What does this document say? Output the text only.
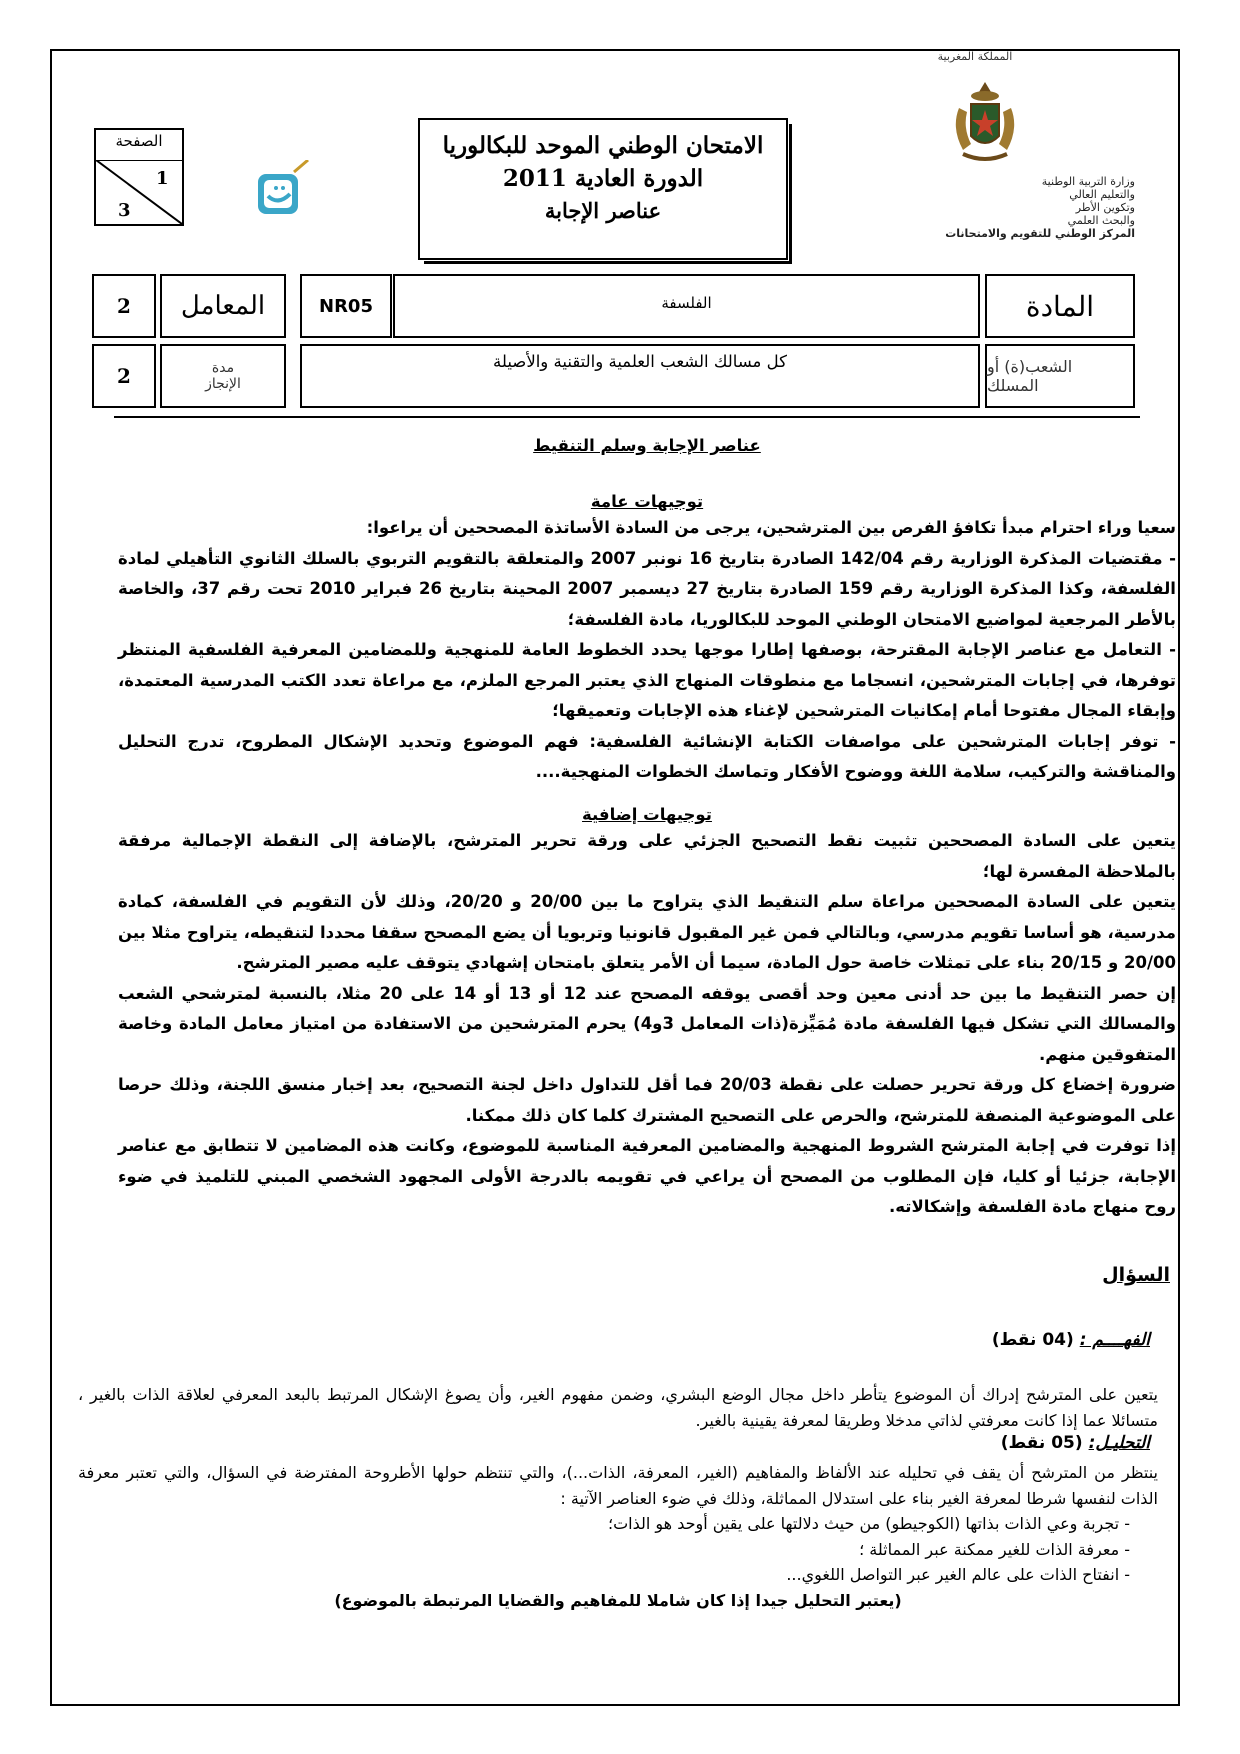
المملكة المغربية
وزارة التربية الوطنية
والتعليم العالي
وتكوين الأطر
والبحث العلمي
المركز الوطني للتقويم والامتحانات
الامتحان الوطني الموحد للبكالوريا
الدورة العادية 2011
عناصر الإجابة
الصفحة
1
3
المادة
الفلسفة
NR05
المعامل
2
الشعب(ة) أو
المسلك
كل مسالك الشعب العلمية والتقنية والأصيلة
مدة
الإنجاز
2
عناصر الإجابة وسلم التنقيط
توجيهات عامة

سعيا وراء احترام مبدأ تكافؤ الفرص بين المترشحين، يرجى من السادة الأساتذة المصححين أن يراعوا:

- مقتضيات المذكرة الوزارية رقم 142/04 الصادرة بتاريخ 16 نونبر 2007 والمتعلقة بالتقويم التربوي بالسلك الثانوي التأهيلي لمادة الفلسفة، وكذا المذكرة الوزارية رقم 159 الصادرة بتاريخ 27 ديسمبر 2007 المحينة بتاريخ 26 فبراير 2010 تحت رقم 37، والخاصة بالأطر المرجعية لمواضيع الامتحان الوطني الموحد للبكالوريا، مادة الفلسفة؛

- التعامل مع عناصر الإجابة المقترحة، بوصفها إطارا موجها يحدد الخطوط العامة للمنهجية وللمضامين المعرفية الفلسفية المنتظر توفرها، في إجابات المترشحين، انسجاما مع منطوقات المنهاج الذي يعتبر المرجع الملزم، مع مراعاة تعدد الكتب المدرسية المعتمدة، وإبقاء المجال مفتوحا أمام إمكانيات المترشحين لإغناء هذه الإجابات وتعميقها؛

- توفر إجابات المترشحين على مواصفات الكتابة الإنشائية الفلسفية: فهم الموضوع وتحديد الإشكال المطروح، تدرج التحليل والمناقشة والتركيب، سلامة اللغة ووضوح الأفكار وتماسك الخطوات المنهجية....

توجيهات إضافية

يتعين على السادة المصححين تثبيت نقط التصحيح الجزئي على ورقة تحرير المترشح، بالإضافة إلى النقطة الإجمالية مرفقة بالملاحظة المفسرة لها؛

يتعين على السادة المصححين مراعاة سلم التنقيط الذي يتراوح ما بين 20/00 و 20/20، وذلك لأن التقويم في الفلسفة، كمادة مدرسية، هو أساسا تقويم مدرسي، وبالتالي فمن غير المقبول قانونيا وتربويا أن يضع المصحح سقفا محددا لتنقيطه، يتراوح مثلا بين 20/00 و 20/15 بناء على تمثلات خاصة حول المادة، سيما أن الأمر يتعلق بامتحان إشهادي يتوقف عليه مصير المترشح.

إن حصر التنقيط ما بين حد أدنى معين وحد أقصى يوقفه المصحح عند 12 أو 13 أو 14 على 20 مثلا، بالنسبة لمترشحي الشعب والمسالك التي تشكل فيها الفلسفة مادة مُمَيِّزة(ذات المعامل 3و4) يحرم المترشحين من الاستفادة من امتياز معامل المادة وخاصة المتفوقين منهم.

ضرورة إخضاع كل ورقة تحرير حصلت على نقطة 20/03 فما أقل للتداول داخل لجنة التصحيح، بعد إخبار منسق اللجنة، وذلك حرصا على الموضوعية المنصفة للمترشح، والحرص على التصحيح المشترك كلما كان ذلك ممكنا.

إذا توفرت في إجابة المترشح الشروط المنهجية والمضامين المعرفية المناسبة للموضوع، وكانت هذه المضامين لا تتطابق مع عناصر الإجابة، جزئيا أو كليا، فإن المطلوب من المصحح أن يراعي في تقويمه بالدرجة الأولى المجهود الشخصي المبني للتلميذ في ضوء روح منهاج مادة الفلسفة وإشكالاته.

السؤال
الفهــــم : (04 نقط)

يتعين على المترشح إدراك أن الموضوع يتأطر داخل مجال الوضع البشري، وضمن مفهوم الغير، وأن يصوغ الإشكال المرتبط بالبعد المعرفي لعلاقة الذات بالغير ، متسائلا عما إذا كانت معرفتي لذاتي مدخلا وطريقا لمعرفة يقينية بالغير.

التحليـل: (05 نقط)

ينتظر من المترشح أن يقف في تحليله عند الألفاظ والمفاهيم (الغير، المعرفة، الذات...)، والتي تنتظم حولها الأطروحة المفترضة في السؤال، والتي تعتبر معرفة الذات لنفسها شرطا لمعرفة الغير بناء على استدلال المماثلة، وذلك في ضوء العناصر الآتية :

- تجربة وعي الذات بذاتها (الكوجيطو) من حيث دلالتها على يقين أوحد هو الذات؛

- معرفة الذات للغير ممكنة عبر المماثلة ؛

- انفتاح الذات على عالم الغير عبر التواصل اللغوي...

(يعتبر التحليل جيدا إذا كان شاملا للمفاهيم والقضايا المرتبطة بالموضوع)
